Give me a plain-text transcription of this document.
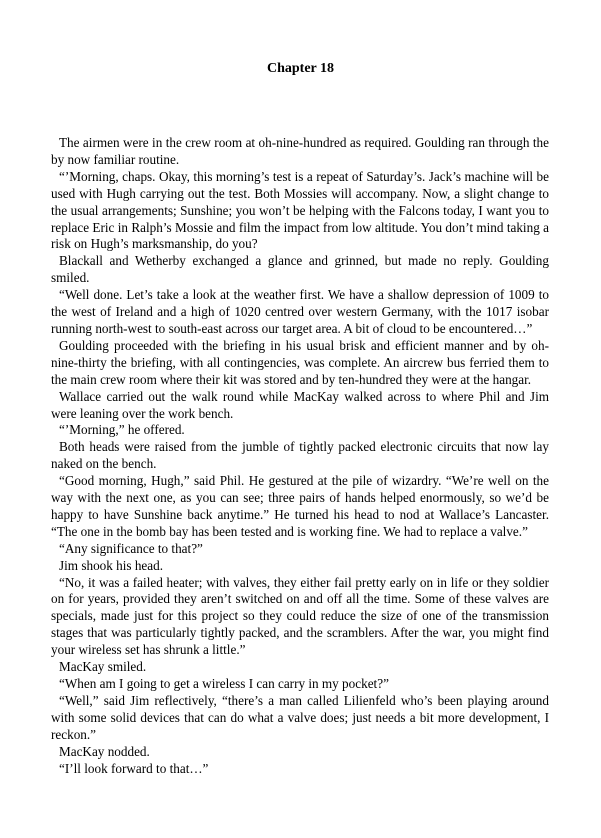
Chapter 18

The airmen were in the crew room at oh-nine-hundred as required. Goulding ran through the by now familiar routine.

“’Morning, chaps. Okay, this morning’s test is a repeat of Saturday’s. Jack’s machine will be used with Hugh carrying out the test. Both Mossies will accompany. Now, a slight change to the usual arrangements; Sunshine; you won’t be helping with the Falcons today, I want you to replace Eric in Ralph’s Mossie and film the impact from low altitude. You don’t mind taking a risk on Hugh’s marksmanship, do you?

Blackall and Wetherby exchanged a glance and grinned, but made no reply. Goulding smiled.

“Well done. Let’s take a look at the weather first. We have a shallow depression of 1009 to the west of Ireland and a high of 1020 centred over western Germany, with the 1017 isobar running north-west to south-east across our target area. A bit of cloud to be encountered…”

Goulding proceeded with the briefing in his usual brisk and efficient manner and by oh-nine-thirty the briefing, with all contingencies, was complete. An aircrew bus ferried them to the main crew room where their kit was stored and by ten-hundred they were at the hangar.

Wallace carried out the walk round while MacKay walked across to where Phil and Jim were leaning over the work bench.

“’Morning,” he offered.

Both heads were raised from the jumble of tightly packed electronic circuits that now lay naked on the bench.

“Good morning, Hugh,” said Phil. He gestured at the pile of wizardry. “We’re well on the way with the next one, as you can see; three pairs of hands helped enormously, so we’d be happy to have Sunshine back anytime.” He turned his head to nod at Wallace’s Lancaster. “The one in the bomb bay has been tested and is working fine. We had to replace a valve.”

“Any significance to that?”

Jim shook his head.

“No, it was a failed heater; with valves, they either fail pretty early on in life or they soldier on for years, provided they aren’t switched on and off all the time. Some of these valves are specials, made just for this project so they could reduce the size of one of the transmission stages that was particularly tightly packed, and the scramblers. After the war, you might find your wireless set has shrunk a little.”

MacKay smiled.

“When am I going to get a wireless I can carry in my pocket?”

“Well,” said Jim reflectively, “there’s a man called Lilienfeld who’s been playing around with some solid devices that can do what a valve does; just needs a bit more development, I reckon.”

MacKay nodded.

“I’ll look forward to that…”
